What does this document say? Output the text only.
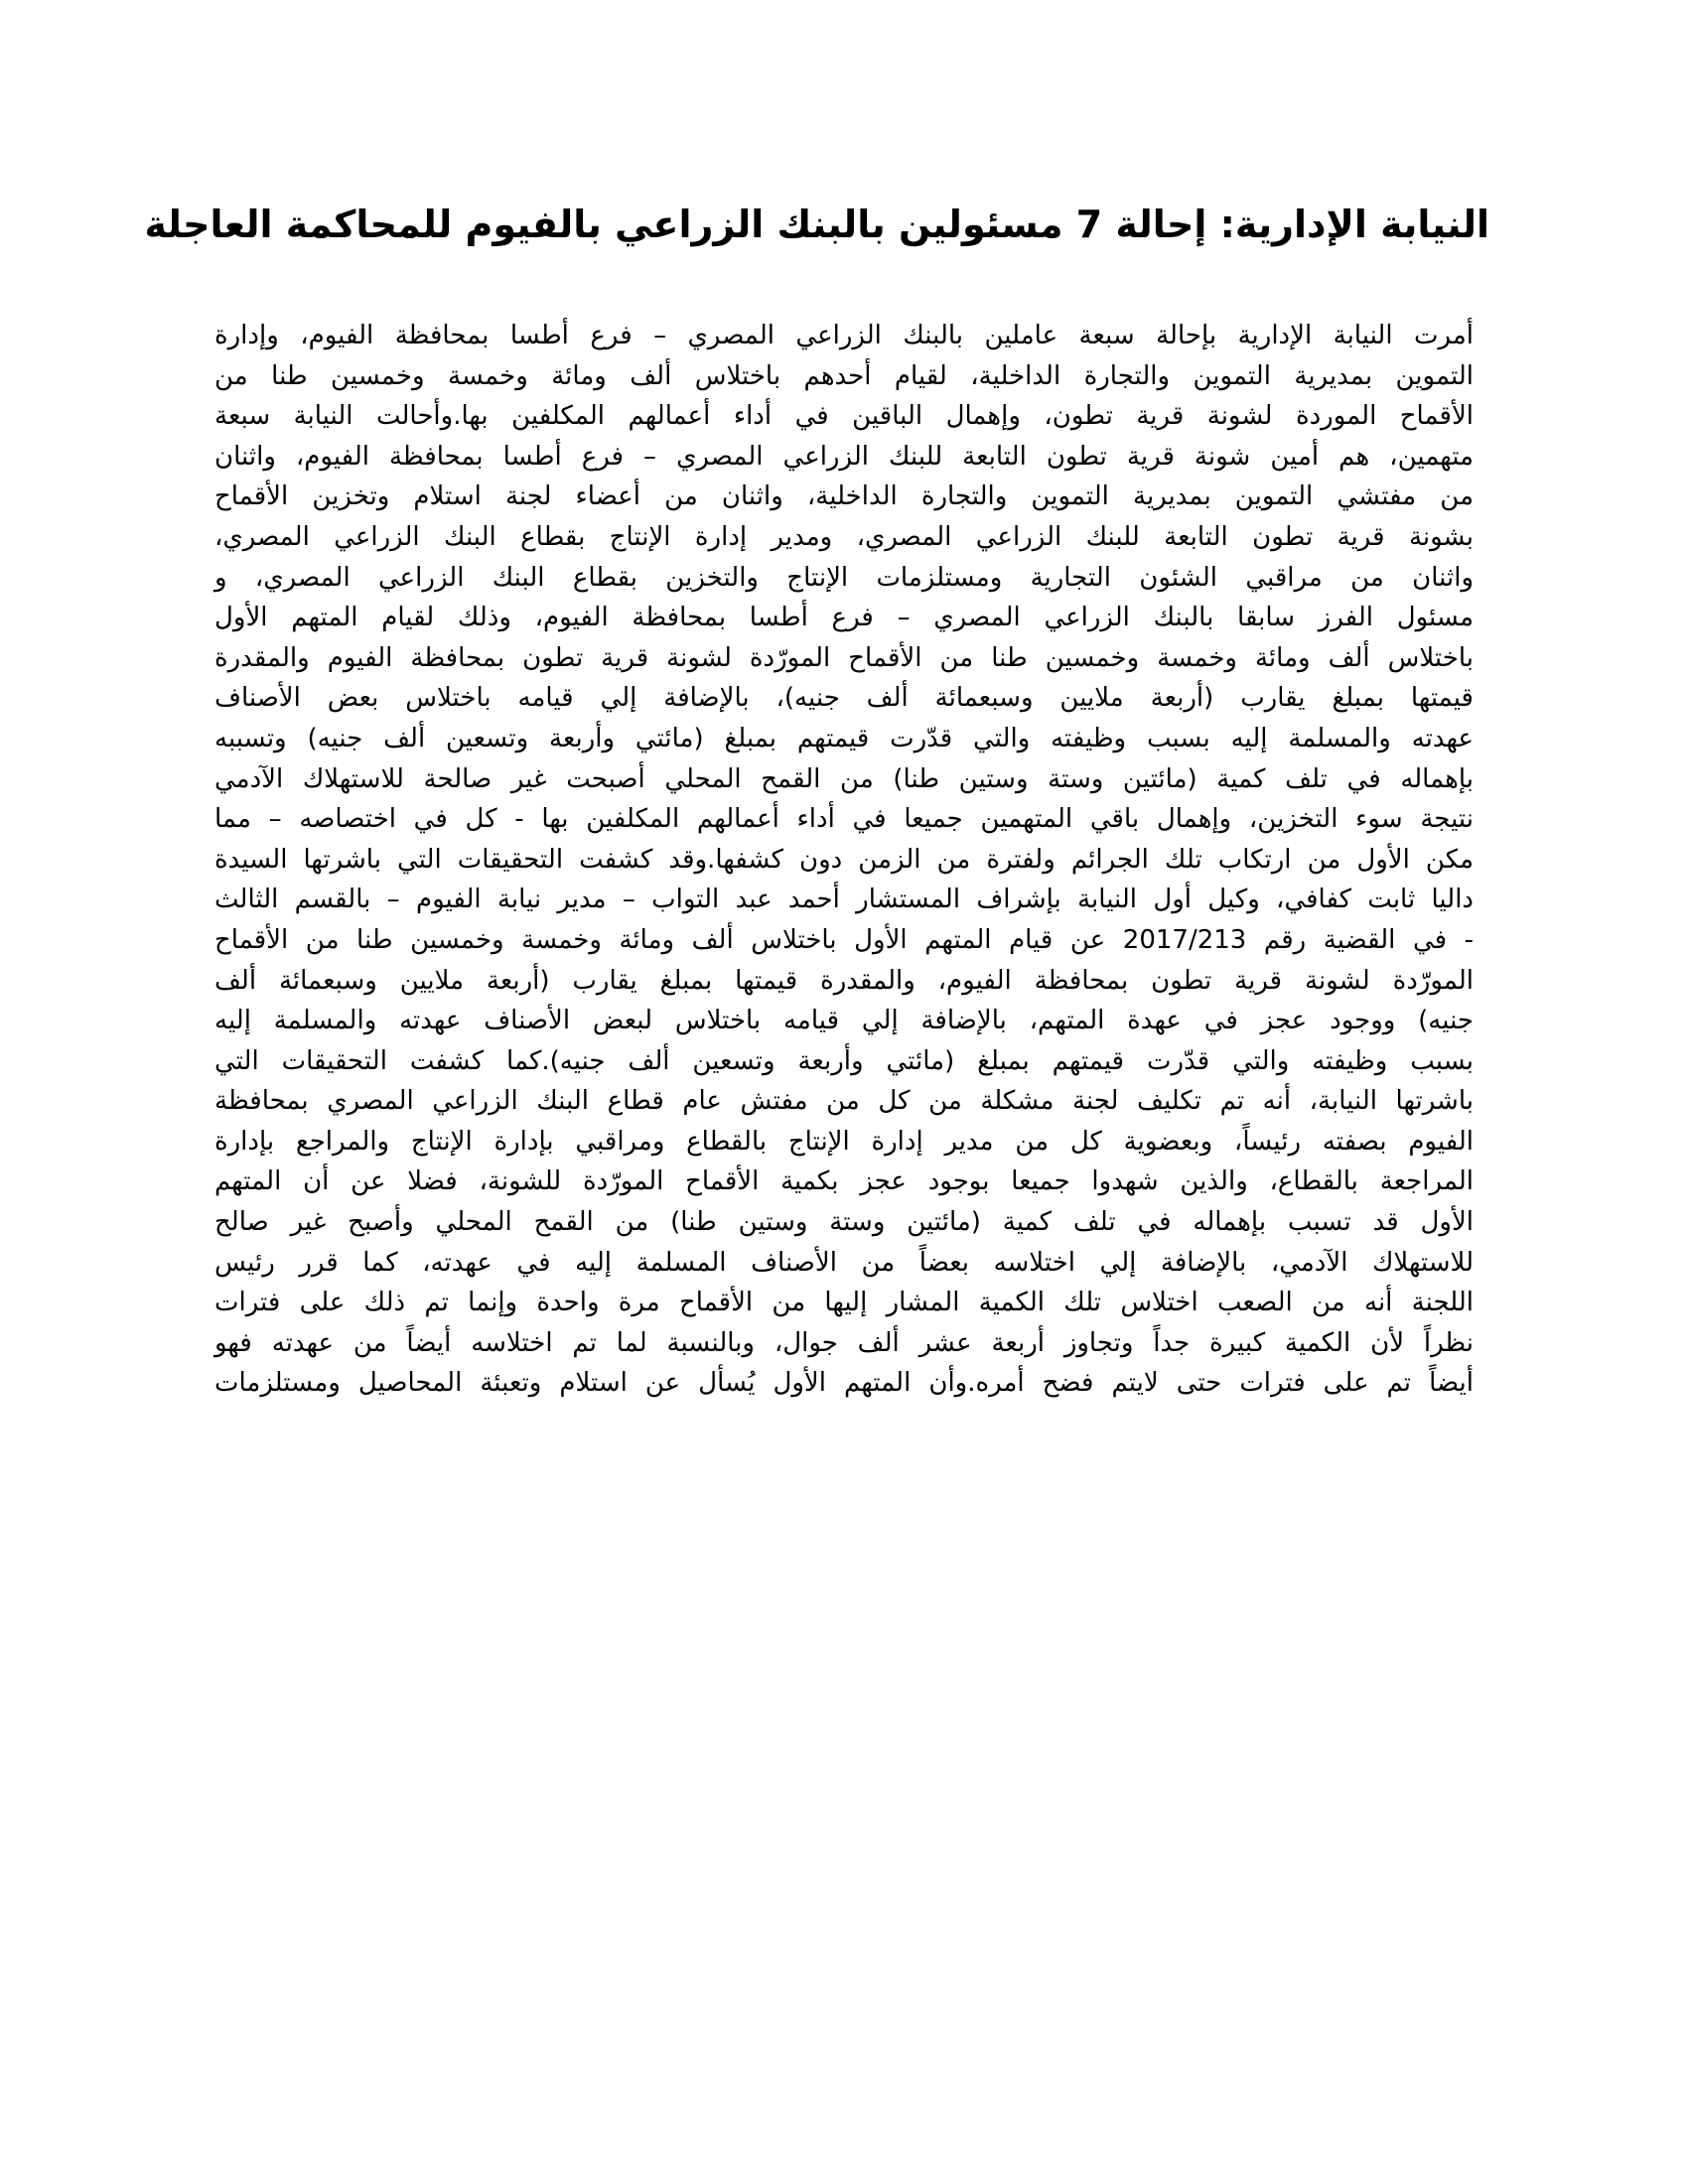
النيابة الإدارية: إحالة 7 مسئولين بالبنك الزراعي بالفيوم للمحاكمة العاجلة
أمرت النيابة الإدارية بإحالة سبعة عاملين بالبنك الزراعي المصري – فرع أطسا بمحافظة الفيوم، وإدارة
التموين بمديرية التموين والتجارة الداخلية، لقيام أحدهم باختلاس ألف ومائة وخمسة وخمسين طنا من
الأقماح الموردة لشونة قرية تطون، وإهمال الباقين في أداء أعمالهم المكلفين بها.وأحالت النيابة سبعة
متهمين، هم أمين شونة قرية تطون التابعة للبنك الزراعي المصري – فرع أطسا بمحافظة الفيوم، واثنان
من مفتشي التموين بمديرية التموين والتجارة الداخلية، واثنان من أعضاء لجنة استلام وتخزين الأقماح
بشونة قرية تطون التابعة للبنك الزراعي المصري، ومدير إدارة الإنتاج بقطاع البنك الزراعي المصري،
واثنان من مراقبي الشئون التجارية ومستلزمات الإنتاج والتخزين بقطاع البنك الزراعي المصري، و
مسئول الفرز سابقا بالبنك الزراعي المصري – فرع أطسا بمحافظة الفيوم، وذلك لقيام المتهم الأول
باختلاس ألف ومائة وخمسة وخمسين طنا من الأقماح المورّدة لشونة قرية تطون بمحافظة الفيوم والمقدرة
قيمتها بمبلغ يقارب (أربعة ملايين وسبعمائة ألف جنيه)، بالإضافة إلي قيامه باختلاس بعض الأصناف
عهدته والمسلمة إليه بسبب وظيفته والتي قدّرت قيمتهم بمبلغ (مائتي وأربعة وتسعين ألف جنيه) وتسببه
بإهماله في تلف كمية (مائتين وستة وستين طنا) من القمح المحلي أصبحت غير صالحة للاستهلاك الآدمي
نتيجة سوء التخزين، وإهمال باقي المتهمين جميعا في أداء أعمالهم المكلفين بها - كل في اختصاصه – مما
مكن الأول من ارتكاب تلك الجرائم ولفترة من الزمن دون كشفها.وقد كشفت التحقيقات التي باشرتها السيدة
داليا ثابت كفافي، وكيل أول النيابة بإشراف المستشار أحمد عبد التواب – مدير نيابة الفيوم – بالقسم الثالث
- في القضية رقم 2017/213 عن قيام المتهم الأول باختلاس ألف ومائة وخمسة وخمسين طنا من الأقماح
المورّدة لشونة قرية تطون بمحافظة الفيوم، والمقدرة قيمتها بمبلغ يقارب (أربعة ملايين وسبعمائة ألف
جنيه) ووجود عجز في عهدة المتهم، بالإضافة إلي قيامه باختلاس لبعض الأصناف عهدته والمسلمة إليه
بسبب وظيفته والتي قدّرت قيمتهم بمبلغ (مائتي وأربعة وتسعين ألف جنيه).كما كشفت التحقيقات التي
باشرتها النيابة، أنه تم تكليف لجنة مشكلة من كل من مفتش عام قطاع البنك الزراعي المصري بمحافظة
الفيوم بصفته رئيساً، وبعضوية كل من مدير إدارة الإنتاج بالقطاع ومراقبي بإدارة الإنتاج والمراجع بإدارة
المراجعة بالقطاع، والذين شهدوا جميعا بوجود عجز بكمية الأقماح المورّدة للشونة، فضلا عن أن المتهم
الأول قد تسبب بإهماله في تلف كمية (مائتين وستة وستين طنا) من القمح المحلي وأصبح غير صالح
للاستهلاك الآدمي، بالإضافة إلي اختلاسه بعضاً من الأصناف المسلمة إليه في عهدته، كما قرر رئيس
اللجنة أنه من الصعب اختلاس تلك الكمية المشار إليها من الأقماح مرة واحدة وإنما تم ذلك على فترات
نظراً لأن الكمية كبيرة جداً وتجاوز أربعة عشر ألف جوال، وبالنسبة لما تم اختلاسه أيضاً من عهدته فهو
أيضاً تم على فترات حتى لايتم فضح أمره.وأن المتهم الأول يُسأل عن استلام وتعبئة المحاصيل ومستلزمات
